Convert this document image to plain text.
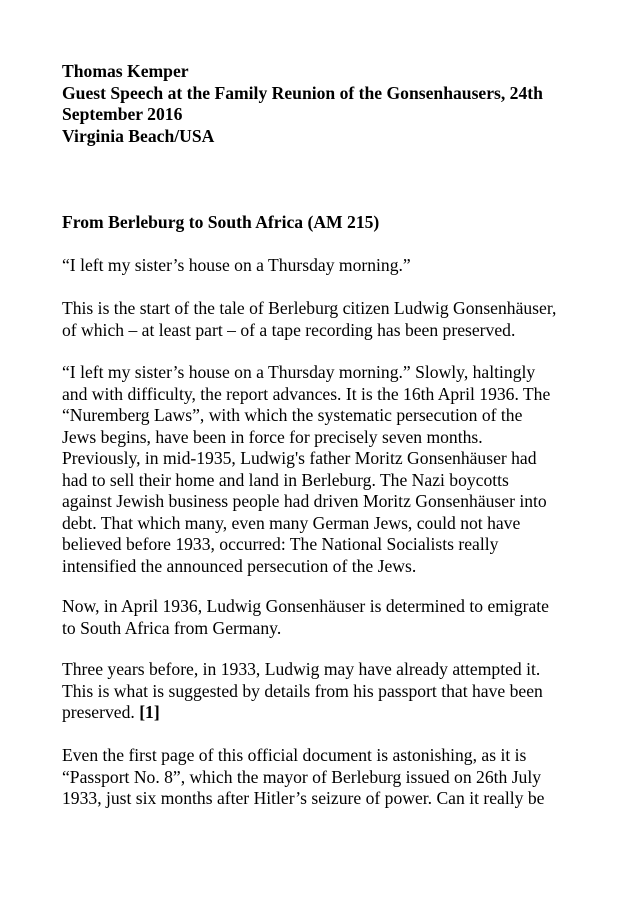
Thomas Kemper
Guest Speech at the Family Reunion of the Gonsenhausers, 24th
September 2016
Virginia Beach/USA
From Berleburg to South Africa (AM 215)
“I left my sister’s house on a Thursday morning.”
This is the start of the tale of Berleburg citizen Ludwig Gonsenhäuser,
of which – at least part – of a tape recording has been preserved.
“I left my sister’s house on a Thursday morning.” Slowly, haltingly
and with difficulty, the report advances. It is the 16th April 1936. The
“Nuremberg Laws”, with which the systematic persecution of the
Jews begins, have been in force for precisely seven months.
Previously, in mid-1935, Ludwig's father Moritz Gonsenhäuser had
had to sell their home and land in Berleburg. The Nazi boycotts
against Jewish business people had driven Moritz Gonsenhäuser into
debt. That which many, even many German Jews, could not have
believed before 1933, occurred: The National Socialists really
intensified the announced persecution of the Jews.
Now, in April 1936, Ludwig Gonsenhäuser is determined to emigrate
to South Africa from Germany.
Three years before, in 1933, Ludwig may have already attempted it.
This is what is suggested by details from his passport that have been
preserved. [1]
Even the first page of this official document is astonishing, as it is
“Passport No. 8”, which the mayor of Berleburg issued on 26th July
1933, just six months after Hitler’s seizure of power. Can it really be
